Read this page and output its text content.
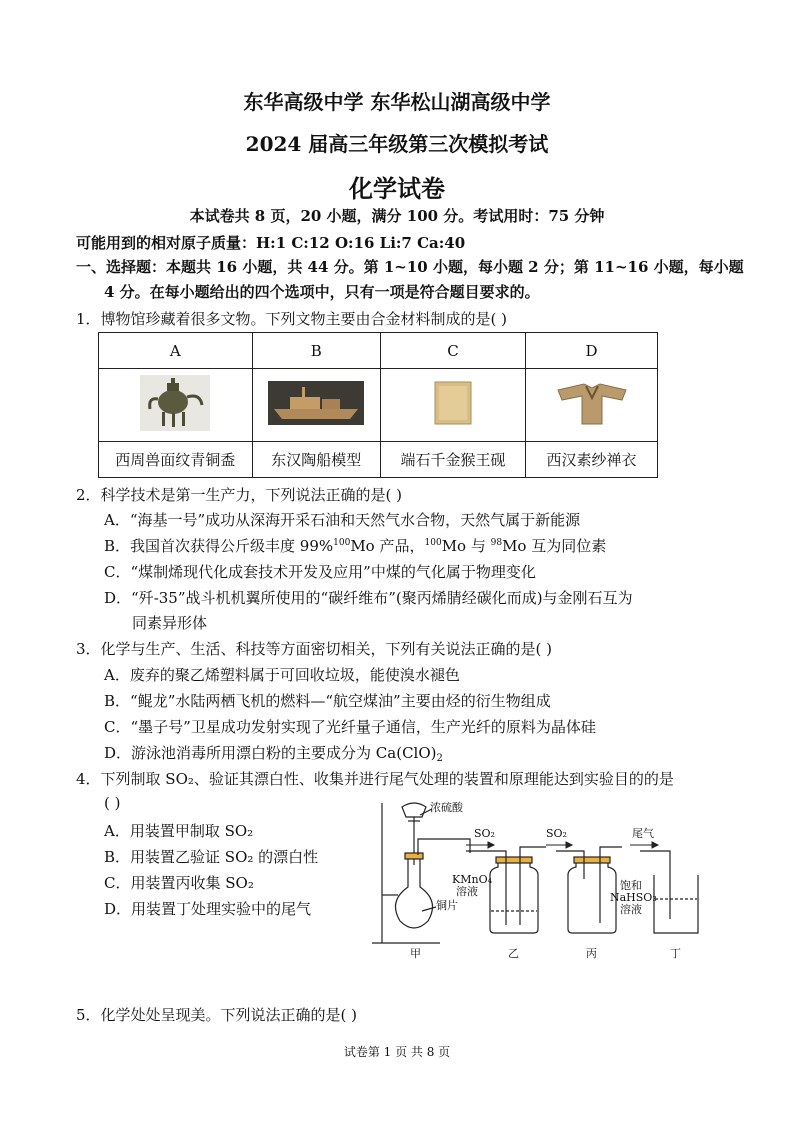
东华高级中学 东华松山湖高级中学
2024 届高三年级第三次模拟考试
化学试卷
本试卷共 8 页，20 小题，满分 100 分。考试用时：75 分钟
可能用到的相对原子质量：H:1 C:12 O:16 Li:7 Ca:40
一、选择题：本题共 16 小题，共 44 分。第 1~10 小题，每小题 2 分；第 11~16 小题，每小题
4 分。在每小题给出的四个选项中，只有一项是符合题目要求的。
1．博物馆珍藏着很多文物。下列文物主要由合金材料制成的是( )
A	B	C	D

西周兽面纹青铜盉	东汉陶船模型	端石千金猴王砚	西汉素纱禅衣
2．科学技术是第一生产力，下列说法正确的是( )
A．“海基一号”成功从深海开采石油和天然气水合物，天然气属于新能源
B．我国首次获得公斤级丰度 99%$^{100}$Mo 产品，$^{100}$Mo 与 $^{98}$Mo 互为同位素
C．“煤制烯现代化成套技术开发及应用”中煤的气化属于物理变化
D．“歼-35”战斗机机翼所使用的“碳纤维布”(聚丙烯腈经碳化而成)与金刚石互为
同素异形体
3．化学与生产、生活、科技等方面密切相关，下列有关说法正确的是( )
A．废弃的聚乙烯塑料属于可回收垃圾，能使溴水褪色
B．“鲲龙”水陆两栖飞机的燃料—“航空煤油”主要由烃的衍生物组成
C．“墨子号”卫星成功发射实现了光纤量子通信，生产光纤的原料为晶体硅
D．游泳池消毒所用漂白粉的主要成分为 $Ca(ClO)_2$
4．下列制取 SO₂、验证其漂白性、收集并进行尾气处理的装置和原理能达到实验目的的是
( )
A．用装置甲制取 SO₂
B．用装置乙验证 SO₂ 的漂白性
C．用装置丙收集 SO₂
D．用装置丁处理实验中的尾气
浓硫酸
铜片
SO₂	SO₂	尾气
KMnO₄
溶液	饱和
NaHSO₃
溶液
甲	乙	丙	丁
5．化学处处呈现美。下列说法正确的是( )
试卷第 1 页 共 8 页
